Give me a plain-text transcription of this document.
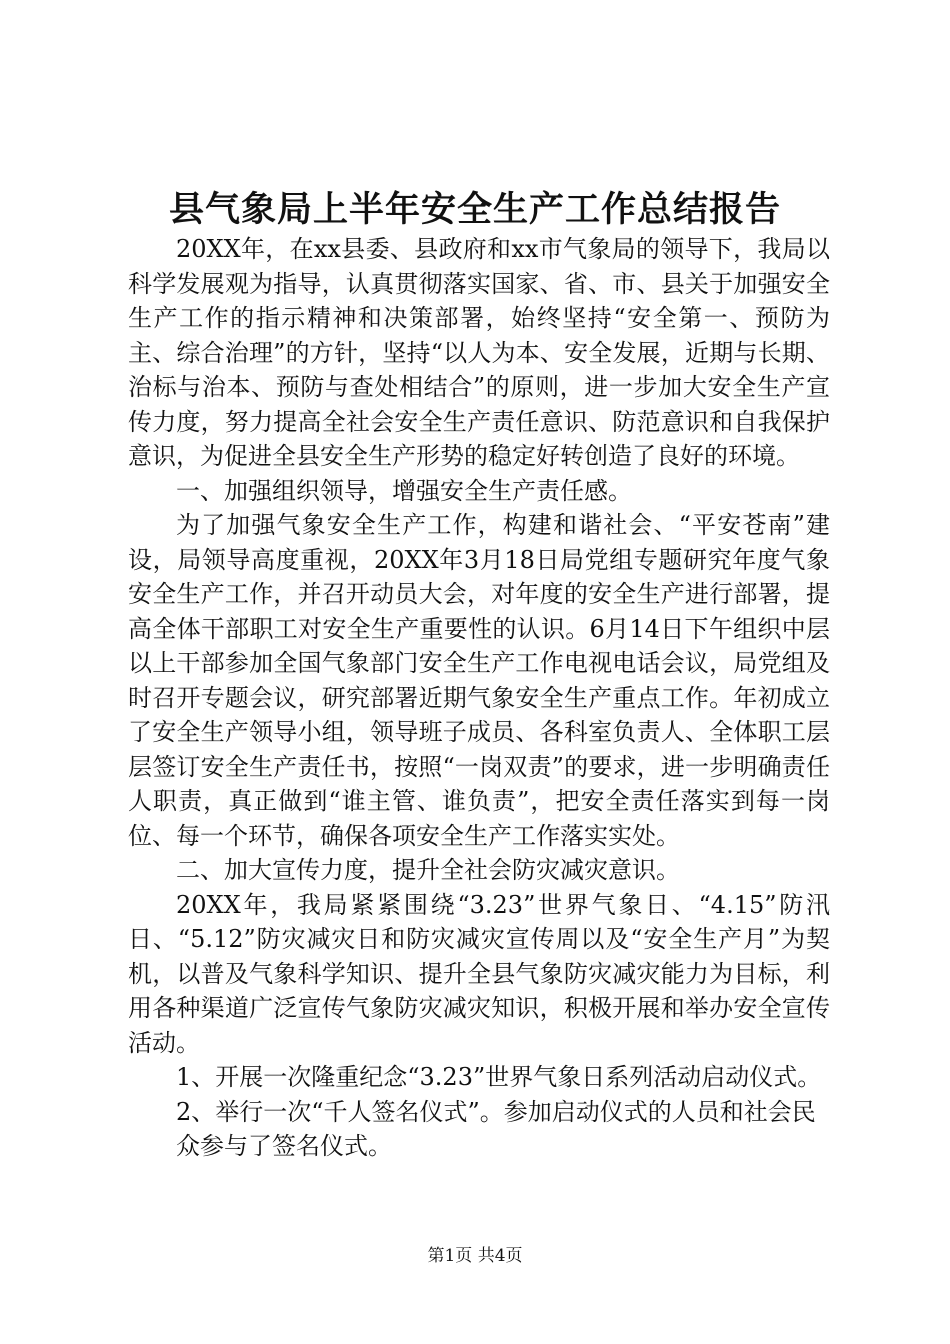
县气象局上半年安全生产工作总结报告

20XX年，在xx县委、县政府和xx市气象局的领导下，我局以科学发展观为指导，认真贯彻落实国家、省、市、县关于加强安全生产工作的指示精神和决策部署，始终坚持“安全第一、预防为主、综合治理”的方针，坚持“以人为本、安全发展，近期与长期、治标与治本、预防与查处相结合”的原则，进一步加大安全生产宣传力度，努力提高全社会安全生产责任意识、防范意识和自我保护意识，为促进全县安全生产形势的稳定好转创造了良好的环境。

一、加强组织领导，增强安全生产责任感。

为了加强气象安全生产工作，构建和谐社会、“平安苍南”建设，局领导高度重视，20XX年3月18日局党组专题研究年度气象安全生产工作，并召开动员大会，对年度的安全生产进行部署，提高全体干部职工对安全生产重要性的认识。6月14日下午组织中层以上干部参加全国气象部门安全生产工作电视电话会议，局党组及时召开专题会议，研究部署近期气象安全生产重点工作。年初成立了安全生产领导小组，领导班子成员、各科室负责人、全体职工层层签订安全生产责任书，按照“一岗双责”的要求，进一步明确责任人职责，真正做到“谁主管、谁负责”，把安全责任落实到每一岗位、每一个环节，确保各项安全生产工作落实实处。

二、加大宣传力度，提升全社会防灾减灾意识。

20XX年，我局紧紧围绕“3.23”世界气象日、“4.15”防汛日、“5.12”防灾减灾日和防灾减灾宣传周以及“安全生产月”为契机，以普及气象科学知识、提升全县气象防灾减灾能力为目标，利用各种渠道广泛宣传气象防灾减灾知识，积极开展和举办安全宣传活动。

1、开展一次隆重纪念“3.23”世界气象日系列活动启动仪式。

2、举行一次“千人签名仪式”。参加启动仪式的人员和社会民

众参与了签名仪式。

第1页 共4页
